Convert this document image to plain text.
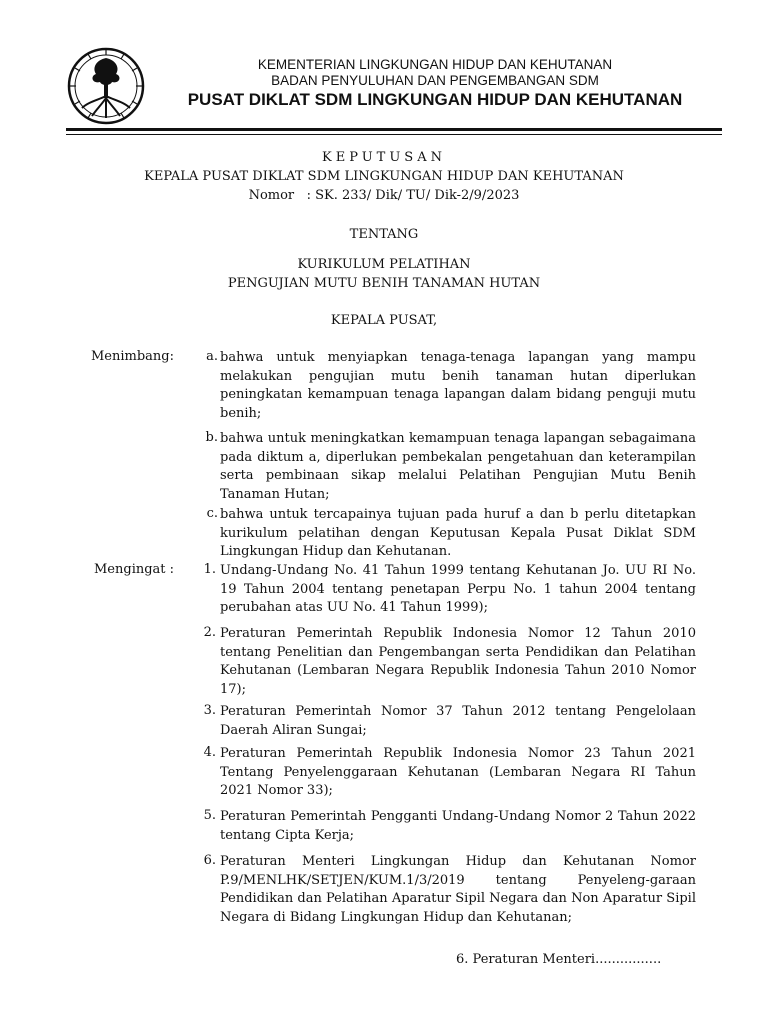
KEMENTERIAN LINGKUNGAN HIDUP DAN KEHUTANAN
BADAN PENYULUHAN DAN PENGEMBANGAN SDM
PUSAT DIKLAT SDM LINGKUNGAN HIDUP DAN KEHUTANAN
KEPUTUSAN
KEPALA PUSAT DIKLAT SDM LINGKUNGAN HIDUP DAN KEHUTANAN
Nomor : SK. 233/ Dik/ TU/ Dik-2/9/2023
TENTANG
KURIKULUM PELATIHAN
PENGUJIAN MUTU BENIH TANAMAN HUTAN
KEPALA PUSAT,
Menimbang:	a. bahwa untuk menyiapkan tenaga-tenaga lapangan yang mampu melakukan pengujian mutu benih tanaman hutan diperlukan peningkatan kemampuan tenaga lapangan dalam bidang penguji mutu benih;
b. bahwa untuk meningkatkan kemampuan tenaga lapangan sebagaimana pada diktum a, diperlukan pembekalan pengetahuan dan keterampilan serta pembinaan sikap melalui Pelatihan Pengujian Mutu Benih Tanaman Hutan;
c. bahwa untuk tercapainya tujuan pada huruf a dan b perlu ditetapkan kurikulum pelatihan dengan Keputusan Kepala Pusat Diklat SDM Lingkungan Hidup dan Kehutanan.
Mengingat :	1. Undang-Undang No. 41 Tahun 1999 tentang Kehutanan Jo. UU RI No. 19 Tahun 2004 tentang penetapan Perpu No. 1 tahun 2004 tentang perubahan atas UU No. 41 Tahun 1999);
2. Peraturan Pemerintah Republik Indonesia Nomor 12 Tahun 2010 tentang Penelitian dan Pengembangan serta Pendidikan dan Pelatihan Kehutanan (Lembaran Negara Republik Indonesia Tahun 2010 Nomor 17);
3. Peraturan Pemerintah Nomor 37 Tahun 2012 tentang Pengelolaan Daerah Aliran Sungai;
4. Peraturan Pemerintah Republik Indonesia Nomor 23 Tahun 2021 Tentang Penyelenggaraan Kehutanan (Lembaran Negara RI Tahun 2021 Nomor 33);
5. Peraturan Pemerintah Pengganti Undang-Undang Nomor 2 Tahun 2022 tentang Cipta Kerja;
6. Peraturan Menteri Lingkungan Hidup dan Kehutanan Nomor P.9/MENLHK/SETJEN/KUM.1/3/2019 tentang Penyeleng-garaan Pendidikan dan Pelatihan Aparatur Sipil Negara dan Non Aparatur Sipil Negara di Bidang Lingkungan Hidup dan Kehutanan;
6. Peraturan Menteri................
